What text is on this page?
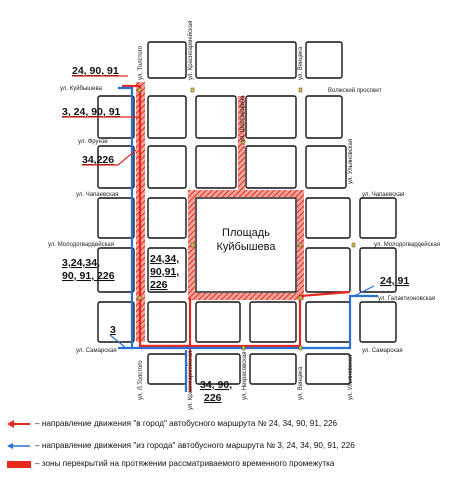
Площадь
Куйбышева
ул. Толстого	ул. Красноармейская	ул. Венцека
Волжский проспект
ул. Куйбышева
ул. Фрунзе	ул. Шостаковича
ул. Ульяновская
ул. Чапаевская	ул. Чапаевская
ул. Молодогвардейская	ул. Молодогвардейская
ул. Галактионовская
ул. Самарская	ул. Самарская
ул. Л.Толстого	ул. Красноармейская	ул. Некрасовская	ул. Венцека	ул. Ульяновская
24, 90, 91
3, 24, 90, 91
34,226
3,24,34,
90, 91, 226
24,34,
90,91,
226	24, 91
3
34, 90,
226
– направление движения "в город" автобусного маршрута № 24, 34, 90, 91, 226
– направление движения "из города" автобусного маршрута № 3, 24, 34, 90, 91, 226
– зоны перекрытий на протяжении рассматриваемого временного промежутка
